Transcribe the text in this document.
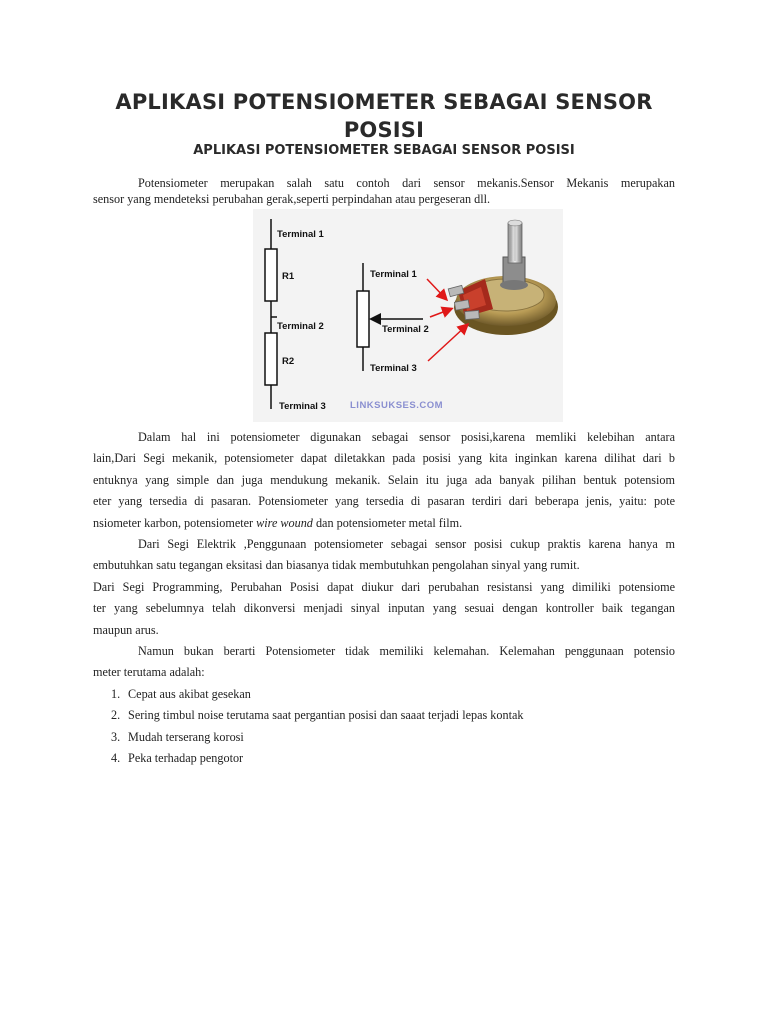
APLIKASI POTENSIOMETER SEBAGAI SENSOR POSISI
APLIKASI POTENSIOMETER SEBAGAI SENSOR POSISI
Potensiometer merupakan salah satu contoh dari sensor mekanis.Sensor Mekanis merupakan
sensor yang mendeteksi perubahan gerak,seperti perpindahan atau pergeseran dll.
Terminal 1
R1
Terminal 2
R2
Terminal 3	LINKSUKSES.COM
Terminal 1
Terminal 2
Terminal 3
Dalam hal ini potensiometer digunakan sebagai sensor posisi,karena memliki kelebihan antara
lain,Dari Segi mekanik, potensiometer dapat diletakkan pada posisi yang kita inginkan karena dilihat dari b
entuknya yang simple dan juga mendukung mekanik. Selain itu juga ada banyak pilihan bentuk potensiom
eter yang tersedia di pasaran. Potensiometer yang tersedia di pasaran terdiri dari beberapa jenis, yaitu: pote
nsiometer karbon, potensiometer wire wound dan potensiometer metal film.
Dari Segi Elektrik ,Penggunaan potensiometer sebagai sensor posisi cukup praktis karena hanya m
embutuhkan satu tegangan eksitasi dan biasanya tidak membutuhkan pengolahan sinyal yang rumit.
Dari Segi Programming, Perubahan Posisi dapat diukur dari perubahan resistansi yang dimiliki potensiome
ter yang sebelumnya telah dikonversi menjadi sinyal inputan yang sesuai dengan kontroller baik tegangan
maupun arus.
Namun bukan berarti Potensiometer tidak memiliki kelemahan. Kelemahan penggunaan potensio
meter terutama adalah:
1. Cepat aus akibat gesekan
2. Sering timbul noise terutama saat pergantian posisi dan saaat terjadi lepas kontak
3. Mudah terserang korosi
4. Peka terhadap pengotor
